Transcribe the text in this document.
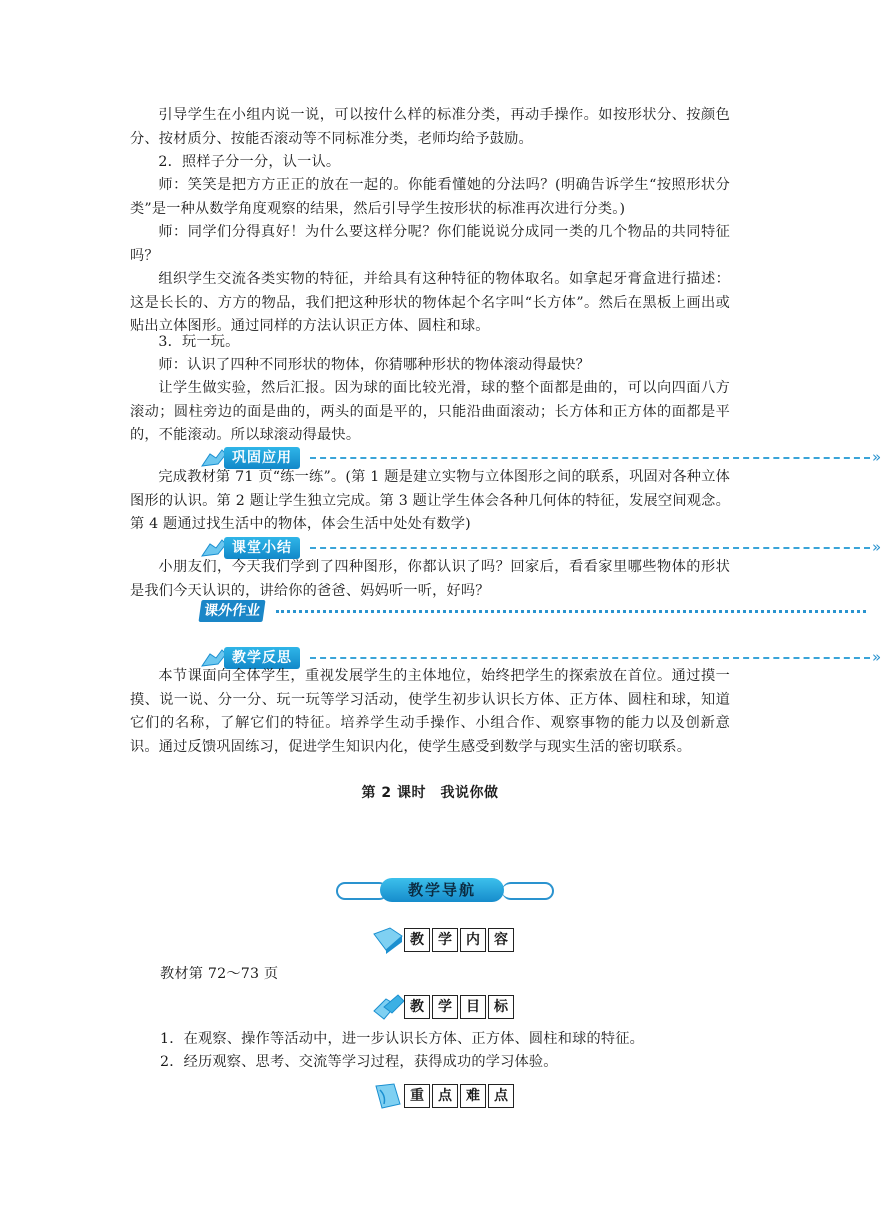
引导学生在小组内说一说，可以按什么样的标准分类，再动手操作。如按形状分、按颜色分、按材质分、按能否滚动等不同标准分类，老师均给予鼓励。

2．照样子分一分，认一认。

师：笑笑是把方方正正的放在一起的。你能看懂她的分法吗？(明确告诉学生“按照形状分类”是一种从数学角度观察的结果，然后引导学生按形状的标准再次进行分类。)

师：同学们分得真好！为什么要这样分呢？你们能说说分成同一类的几个物品的共同特征吗？

组织学生交流各类实物的特征，并给具有这种特征的物体取名。如拿起牙膏盒进行描述：这是长长的、方方的物品，我们把这种形状的物体起个名字叫“长方体”。然后在黑板上画出或贴出立体图形。通过同样的方法认识正方体、圆柱和球。

3．玩一玩。

师：认识了四种不同形状的物体，你猜哪种形状的物体滚动得最快？

让学生做实验，然后汇报。因为球的面比较光滑，球的整个面都是曲的，可以向四面八方滚动；圆柱旁边的面是曲的，两头的面是平的，只能沿曲面滚动；长方体和正方体的面都是平的，不能滚动。所以球滚动得最快。

巩固应用	»

完成教材第 71 页“练一练”。(第 1 题是建立实物与立体图形之间的联系，巩固对各种立体图形的认识。第 2 题让学生独立完成。第 3 题让学生体会各种几何体的特征，发展空间观念。第 4 题通过找生活中的物体，体会生活中处处有数学)

课堂小结	»

小朋友们，今天我们学到了四种图形，你都认识了吗？回家后，看看家里哪些物体的形状是我们今天认识的，讲给你的爸爸、妈妈听一听，好吗？

课外作业
教学反思	»

本节课面向全体学生，重视发展学生的主体地位，始终把学生的探索放在首位。通过摸一摸、说一说、分一分、玩一玩等学习活动，使学生初步认识长方体、正方体、圆柱和球，知道它们的名称，了解它们的特征。培养学生动手操作、小组合作、观察事物的能力以及创新意识。通过反馈巩固练习，促进学生知识内化，使学生感受到数学与现实生活的密切联系。

第 2 课时　我说你做
教学导航
教	学	内	容

教材第 72～73 页

教	学	目	标

1．在观察、操作等活动中，进一步认识长方体、正方体、圆柱和球的特征。

2．经历观察、思考、交流等学习过程，获得成功的学习体验。

重	点	难	点
